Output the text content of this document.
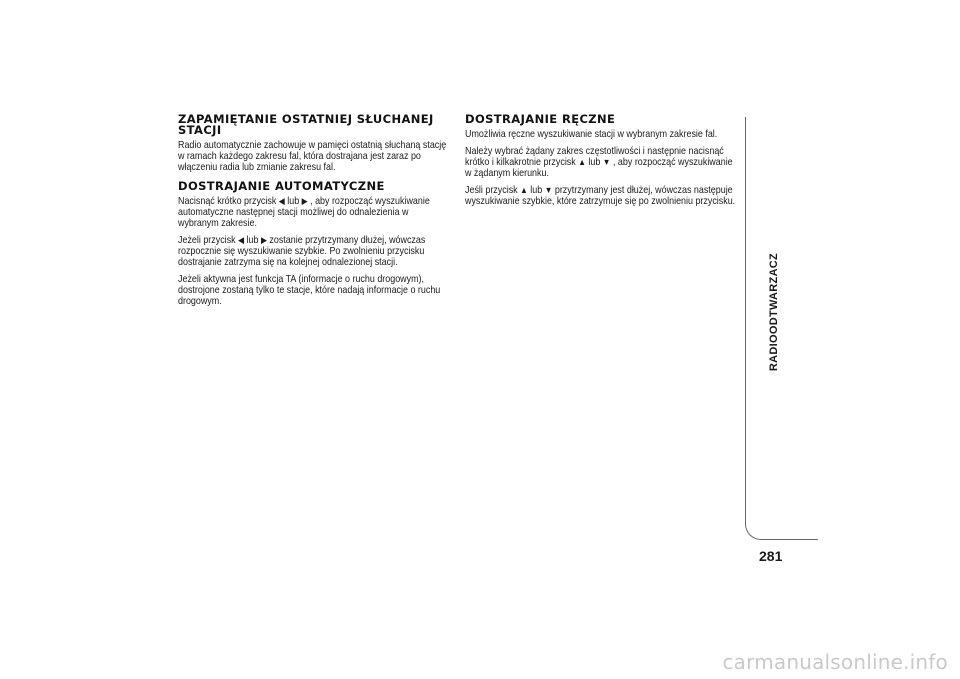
ZAPAMIĘTANIE OSTATNIEJ SŁUCHANEJ STACJI

Radio automatycznie zachowuje w pamięci ostatnią słuchaną stację w ramach każdego zakresu fal, która dostrajana jest zaraz po włączeniu radia lub zmianie zakresu fal.

DOSTRAJANIE AUTOMATYCZNE

Nacisnąć krótko przycisk ◀ lub ▶ , aby rozpocząć wyszukiwanie automatyczne następnej stacji możliwej do odnalezienia w wybranym zakresie.

Jeżeli przycisk ◀ lub ▶ zostanie przytrzymany dłużej, wówczas rozpocznie się wyszukiwanie szybkie. Po zwolnieniu przycisku dostrajanie zatrzyma się na kolejnej odnalezionej stacji.

Jeżeli aktywna jest funkcja TA (informacje o ruchu drogowym), dostrojone zostaną tylko te stacje, które nadają informacje o ruchu drogowym.

DOSTRAJANIE RĘCZNE

Umożliwia ręczne wyszukiwanie stacji w wybranym zakresie fal.

Należy wybrać żądany zakres częstotliwości i następnie nacisnąć krótko i kilkakrotnie przycisk ▲ lub ▼ , aby rozpocząć wyszukiwanie w żądanym kierunku.

Jeśli przycisk ▲ lub ▼ przytrzymany jest dłużej, wówczas następuje wyszukiwanie szybkie, które zatrzymuje się po zwolnieniu przycisku.

RADIOODTWARZACZ
281
carmanualsonline.info
